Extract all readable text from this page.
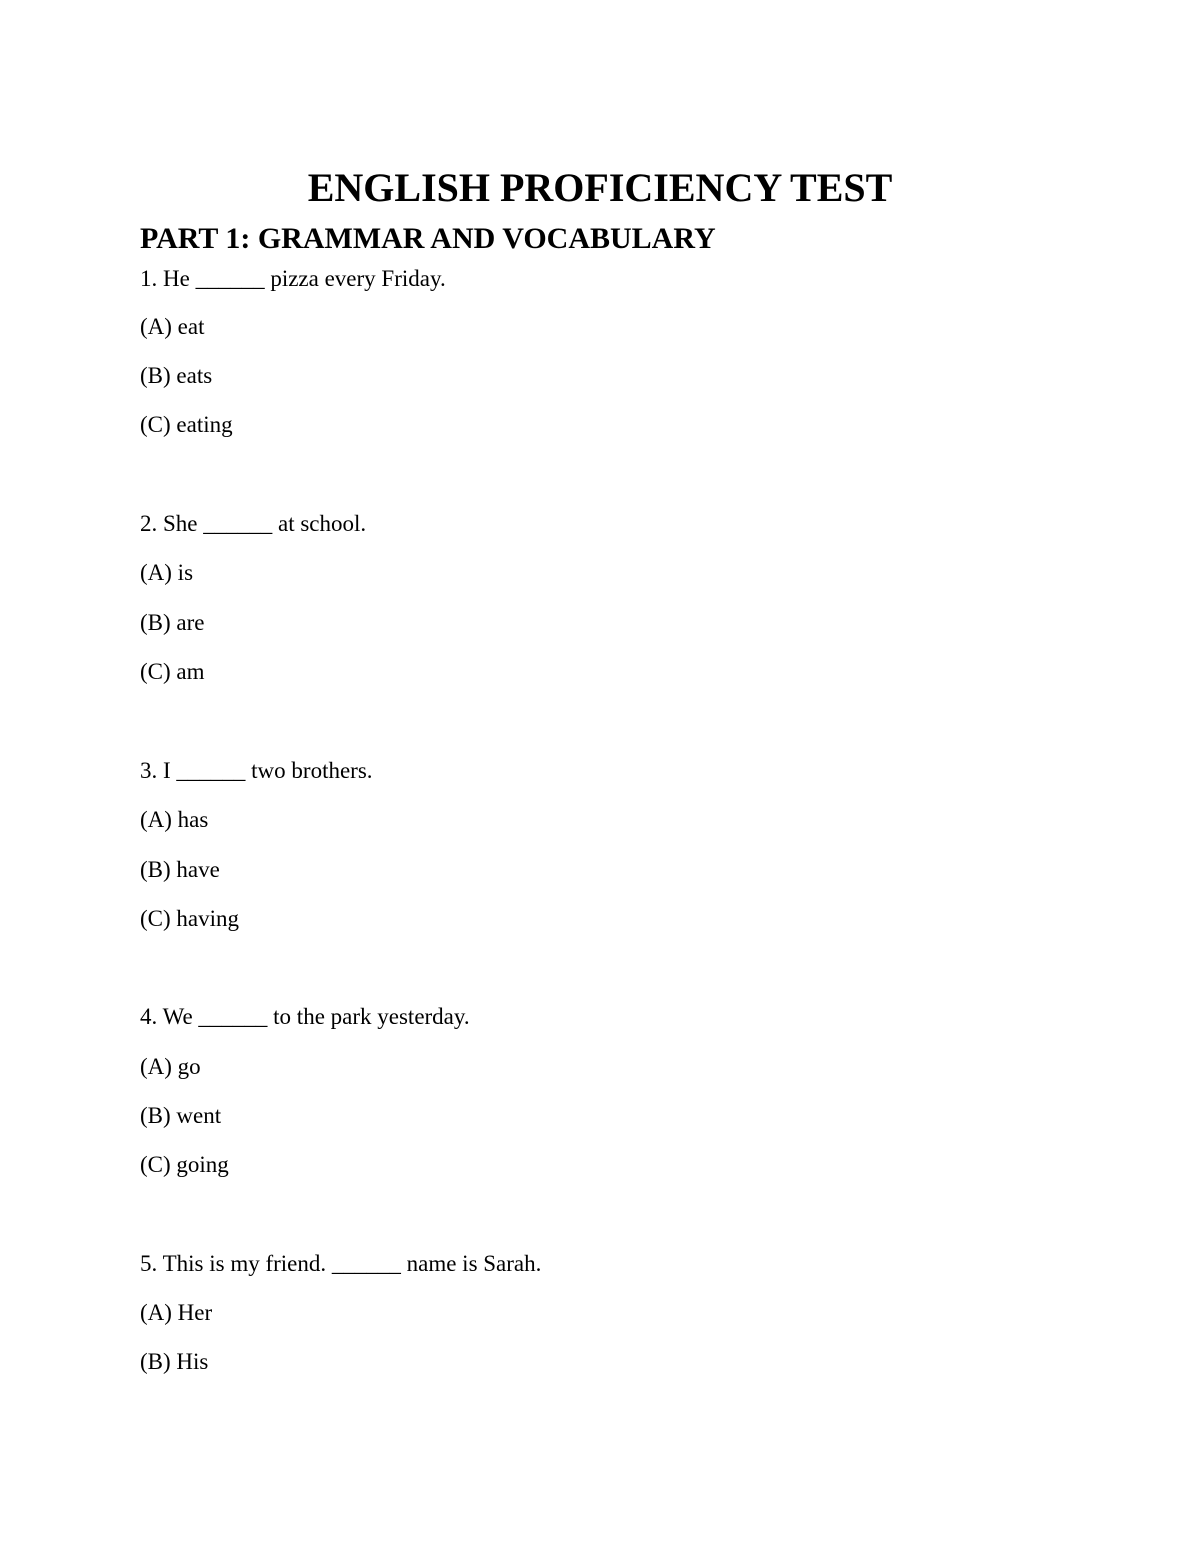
ENGLISH PROFICIENCY TEST
PART 1: GRAMMAR AND VOCABULARY
1. He ______ pizza every Friday.
(A) eat
(B) eats
(C) eating
2. She ______ at school.
(A) is
(B) are
(C) am
3. I ______ two brothers.
(A) has
(B) have
(C) having
4. We ______ to the park yesterday.
(A) go
(B) went
(C) going
5. This is my friend. ______ name is Sarah.
(A) Her
(B) His
